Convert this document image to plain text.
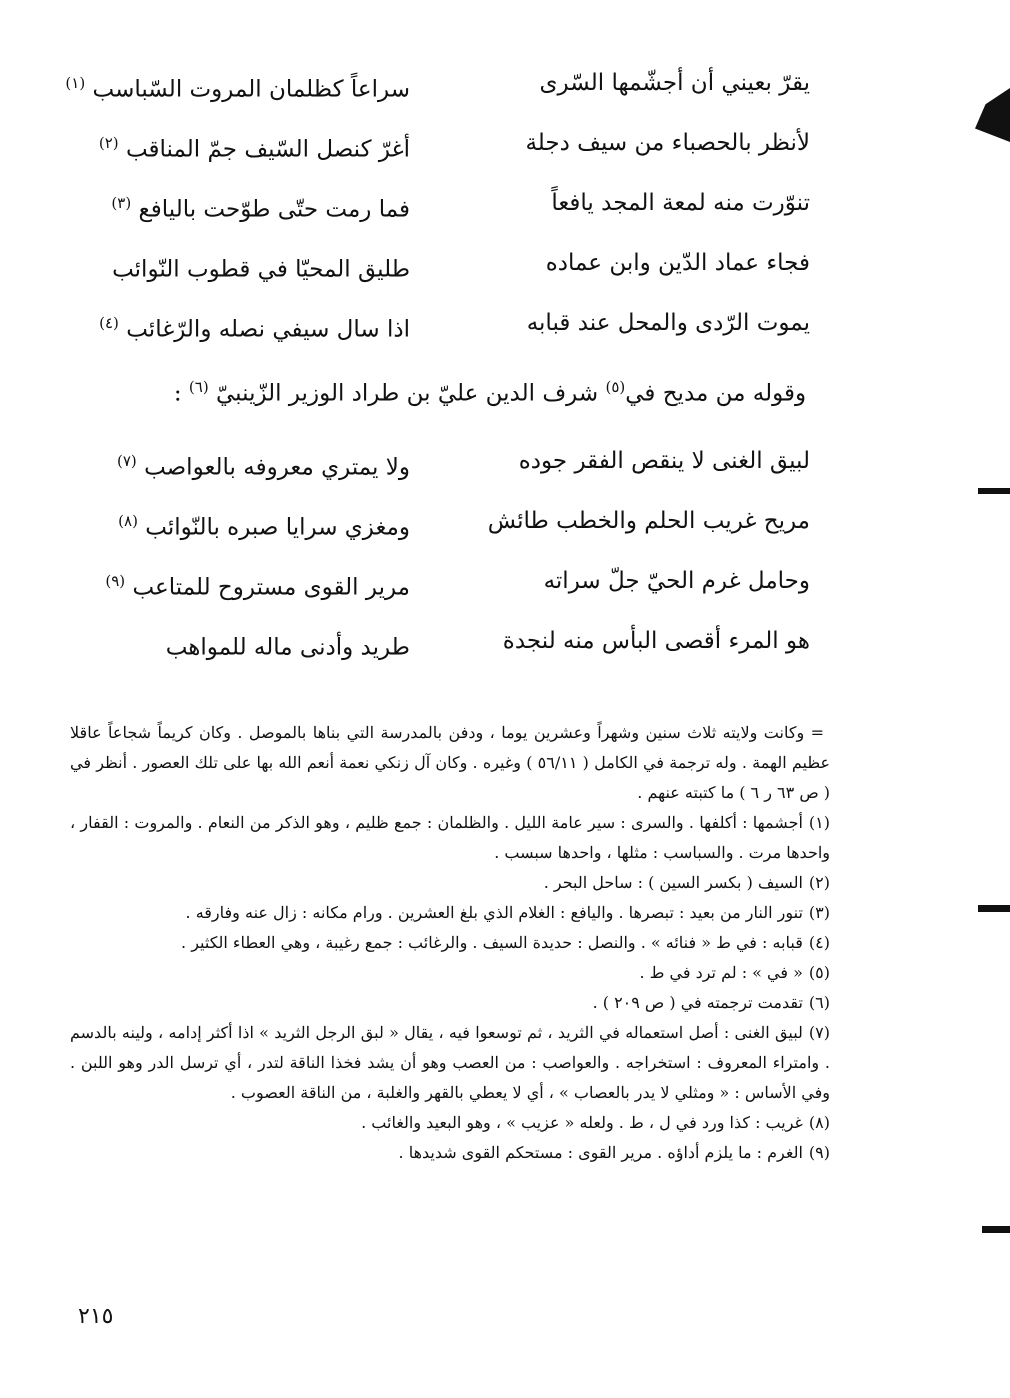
يقرّ بعيني أن أجشّمها السّرى
سراعاً كظلمان المروت السّباسب $^{(١)}$
لأنظر بالحصباء من سيف دجلة
أغرّ كنصل السّيف جمّ المناقب $^{(٢)}$
تنوّرت منه لمعة المجد يافعاً
فما رمت حتّى طوّحت باليافع $^{(٣)}$
فجاء عماد الدّين وابن عماده
طليق المحيّا في قطوب النّوائب
يموت الرّدى والمحل عند قبابه
اذا سال سيفي نصله والرّغائب $^{(٤)}$
وقوله من مديح في$^{(٥)}$ شرف الدين عليّ بن طراد الوزير الزّينبيّ $^{(٦)}$ :
لبيق الغنى لا ينقص الفقر جوده
ولا يمتري معروفه بالعواصب $^{(٧)}$
مريح غريب الحلم والخطب طائش
ومغزي سرايا صبره بالنّوائب $^{(٨)}$
وحامل غرم الحيّ جلّ سراته
مرير القوى مستروح للمتاعب $^{(٩)}$
هو المرء أقصى البأس منه لنجدة
طريد وأدنى ماله للمواهب

= وكانت ولايته ثلاث سنين وشهراً وعشرين يوما ، ودفن بالمدرسة التي بناها بالموصل . وكان كريماً شجاعاً عاقلا عظيم الهمة . وله ترجمة في الكامل ( ٥٦/١١ ) وغيره . وكان آل زنكي نعمة أنعم الله بها على تلك العصور . أنظر في ( ص ٦٣ ر ٦ ) ما كتبته عنهم .

(١)أجشمها : أكلفها . والسرى : سير عامة الليل . والظلمان : جمع ظليم ، وهو الذكر من النعام . والمروت : القفار ، واحدها مرت . والسباسب : مثلها ، واحدها سبسب .

(٢)السيف ( بكسر السين ) : ساحل البحر .

(٣)تنور النار من بعيد : تبصرها . واليافع : الغلام الذي بلغ العشرين . ورام مكانه : زال عنه وفارقه .

(٤)قبابه : في ط « فنائه » . والنصل : حديدة السيف . والرغائب : جمع رغيبة ، وهي العطاء الكثير .

(٥)« في » : لم ترد في ط .

(٦)تقدمت ترجمته في ( ص ٢٠٩ ) .

(٧)لبيق الغنى : أصل استعماله في الثريد ، ثم توسعوا فيه ، يقال « لبق الرجل الثريد » اذا أكثر إدامه ، ولينه بالدسم . وامتراء المعروف : استخراجه . والعواصب : من العصب وهو أن يشد فخذا الناقة لتدر ، أي ترسل الدر وهو اللبن . وفي الأساس : « ومثلي لا يدر بالعصاب » ، أي لا يعطي بالقهر والغلبة ، من الناقة العصوب .

(٨)غريب : كذا ورد في ل ، ط . ولعله « عزيب » ، وهو البعيد والغائب .

(٩)الغرم : ما يلزم أداؤه . مرير القوى : مستحكم القوى شديدها .

٢١٥
